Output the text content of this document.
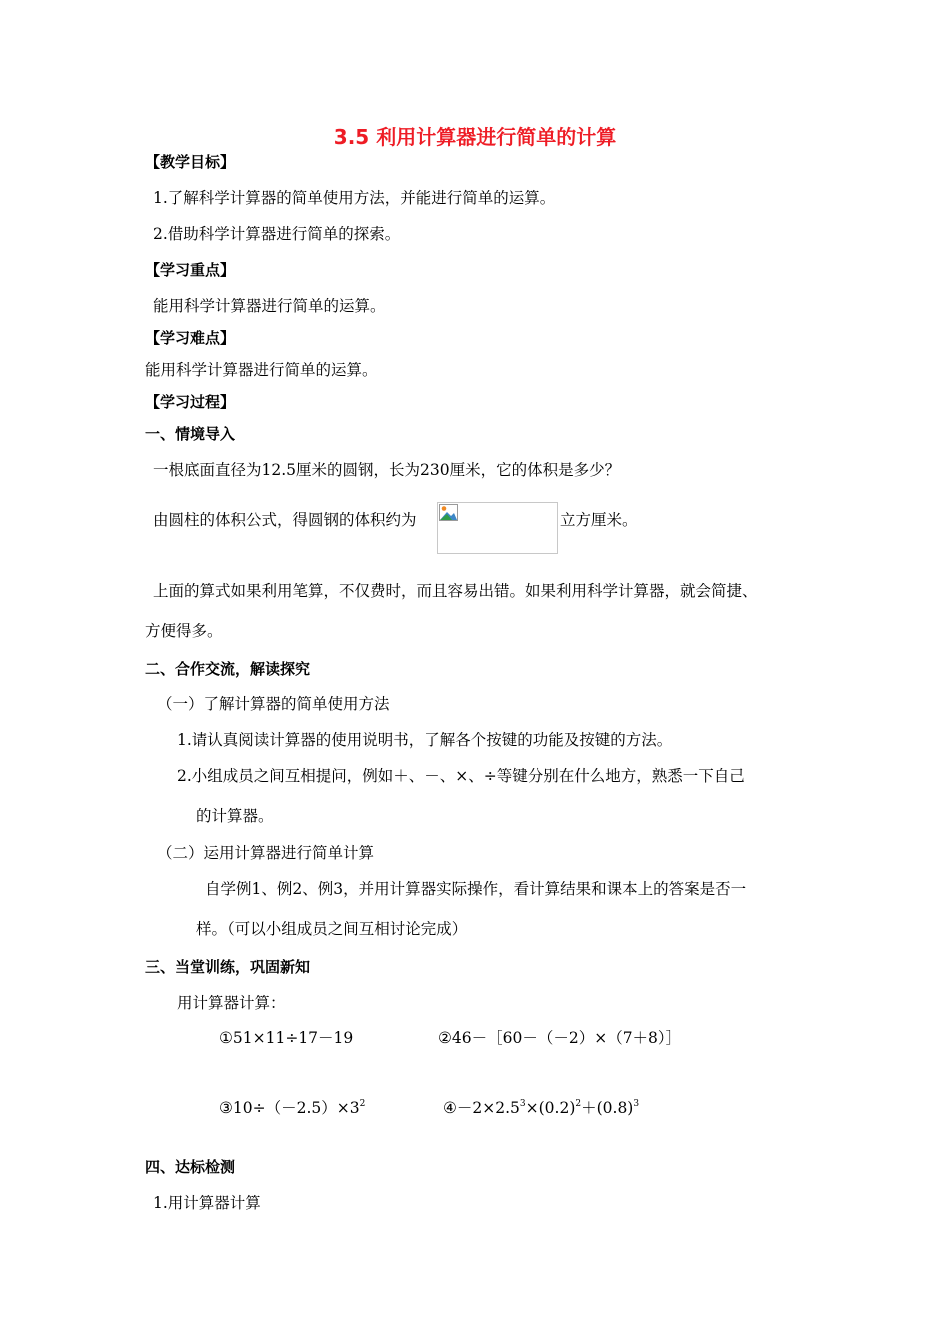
3.5 利用计算器进行简单的计算
【教学目标】
1.了解科学计算器的简单使用方法，并能进行简单的运算。
2.借助科学计算器进行简单的探索。
【学习重点】
能用科学计算器进行简单的运算。
【学习难点】
能用科学计算器进行简单的运算。
【学习过程】
一、情境导入
一根底面直径为12.5厘米的圆钢，长为230厘米，它的体积是多少？
由圆柱的体积公式，得圆钢的体积约为	立方厘米。
上面的算式如果利用笔算，不仅费时，而且容易出错。如果利用科学计算器，就会简捷、
方便得多。
二、合作交流，解读探究
（一）了解计算器的简单使用方法
1.请认真阅读计算器的使用说明书，了解各个按键的功能及按键的方法。
2.小组成员之间互相提问，例如＋、－、×、÷等键分别在什么地方，熟悉一下自己
的计算器。
（二）运用计算器进行简单计算
自学例1、例2、例3，并用计算器实际操作，看计算结果和课本上的答案是否一
样。（可以小组成员之间互相讨论完成）
三、当堂训练，巩固新知
用计算器计算：
①51×11÷17－19	②46－［60－（－2）×（7＋8）］
$③10\div(-2.5)\times 3^2$	$④-2\times 2.5^3\times(0.2)^2+(0.8)^3$
四、达标检测
1.用计算器计算
